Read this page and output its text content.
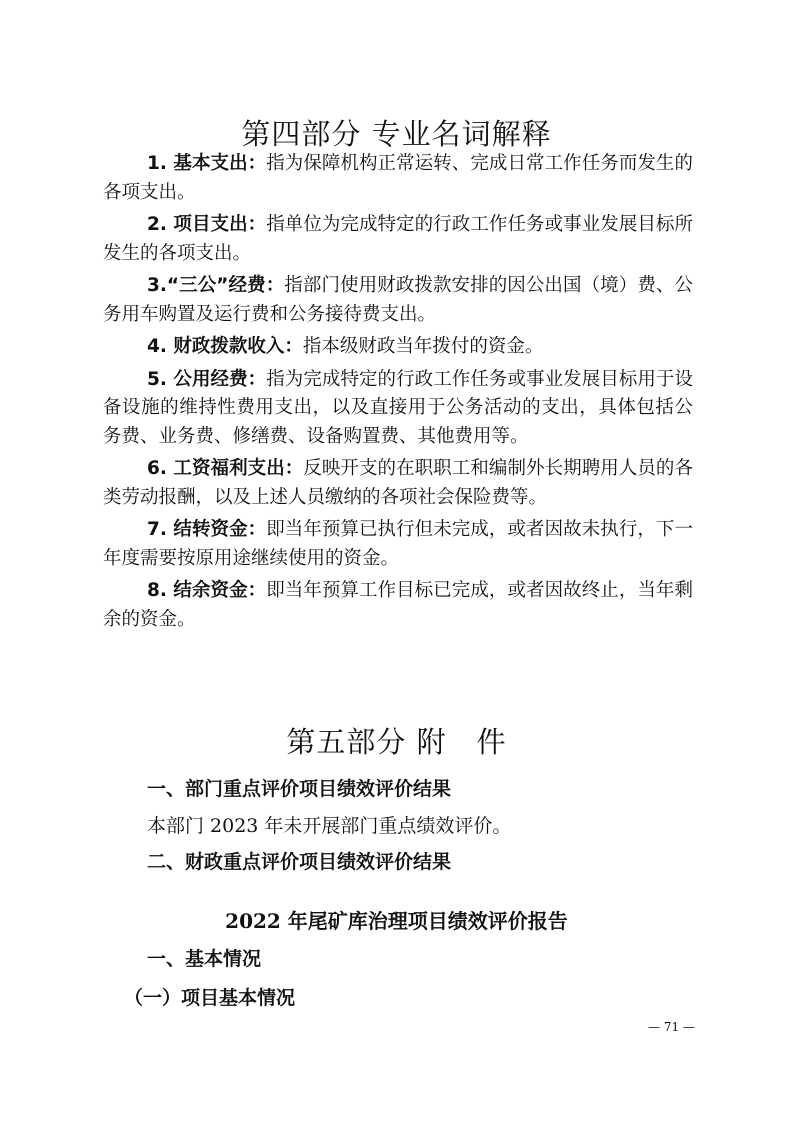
第四部分 专业名词解释
1. 基本支出：指为保障机构正常运转、完成日常工作任务而发生的各项支出。
2. 项目支出：指单位为完成特定的行政工作任务或事业发展目标所发生的各项支出。
3.“三公”经费：指部门使用财政拨款安排的因公出国（境）费、公务用车购置及运行费和公务接待费支出。
4. 财政拨款收入：指本级财政当年拨付的资金。
5. 公用经费：指为完成特定的行政工作任务或事业发展目标用于设备设施的维持性费用支出，以及直接用于公务活动的支出，具体包括公务费、业务费、修缮费、设备购置费、其他费用等。
6. 工资福利支出：反映开支的在职职工和编制外长期聘用人员的各类劳动报酬，以及上述人员缴纳的各项社会保险费等。
7. 结转资金：即当年预算已执行但未完成，或者因故未执行，下一年度需要按原用途继续使用的资金。
8. 结余资金：即当年预算工作目标已完成，或者因故终止，当年剩余的资金。
第五部分 附　件

一、部门重点评价项目绩效评价结果

本部门 2023 年未开展部门重点绩效评价。

二、财政重点评价项目绩效评价结果

2022 年尾矿库治理项目绩效评价报告

一、基本情况

（一）项目基本情况

— 71 —
